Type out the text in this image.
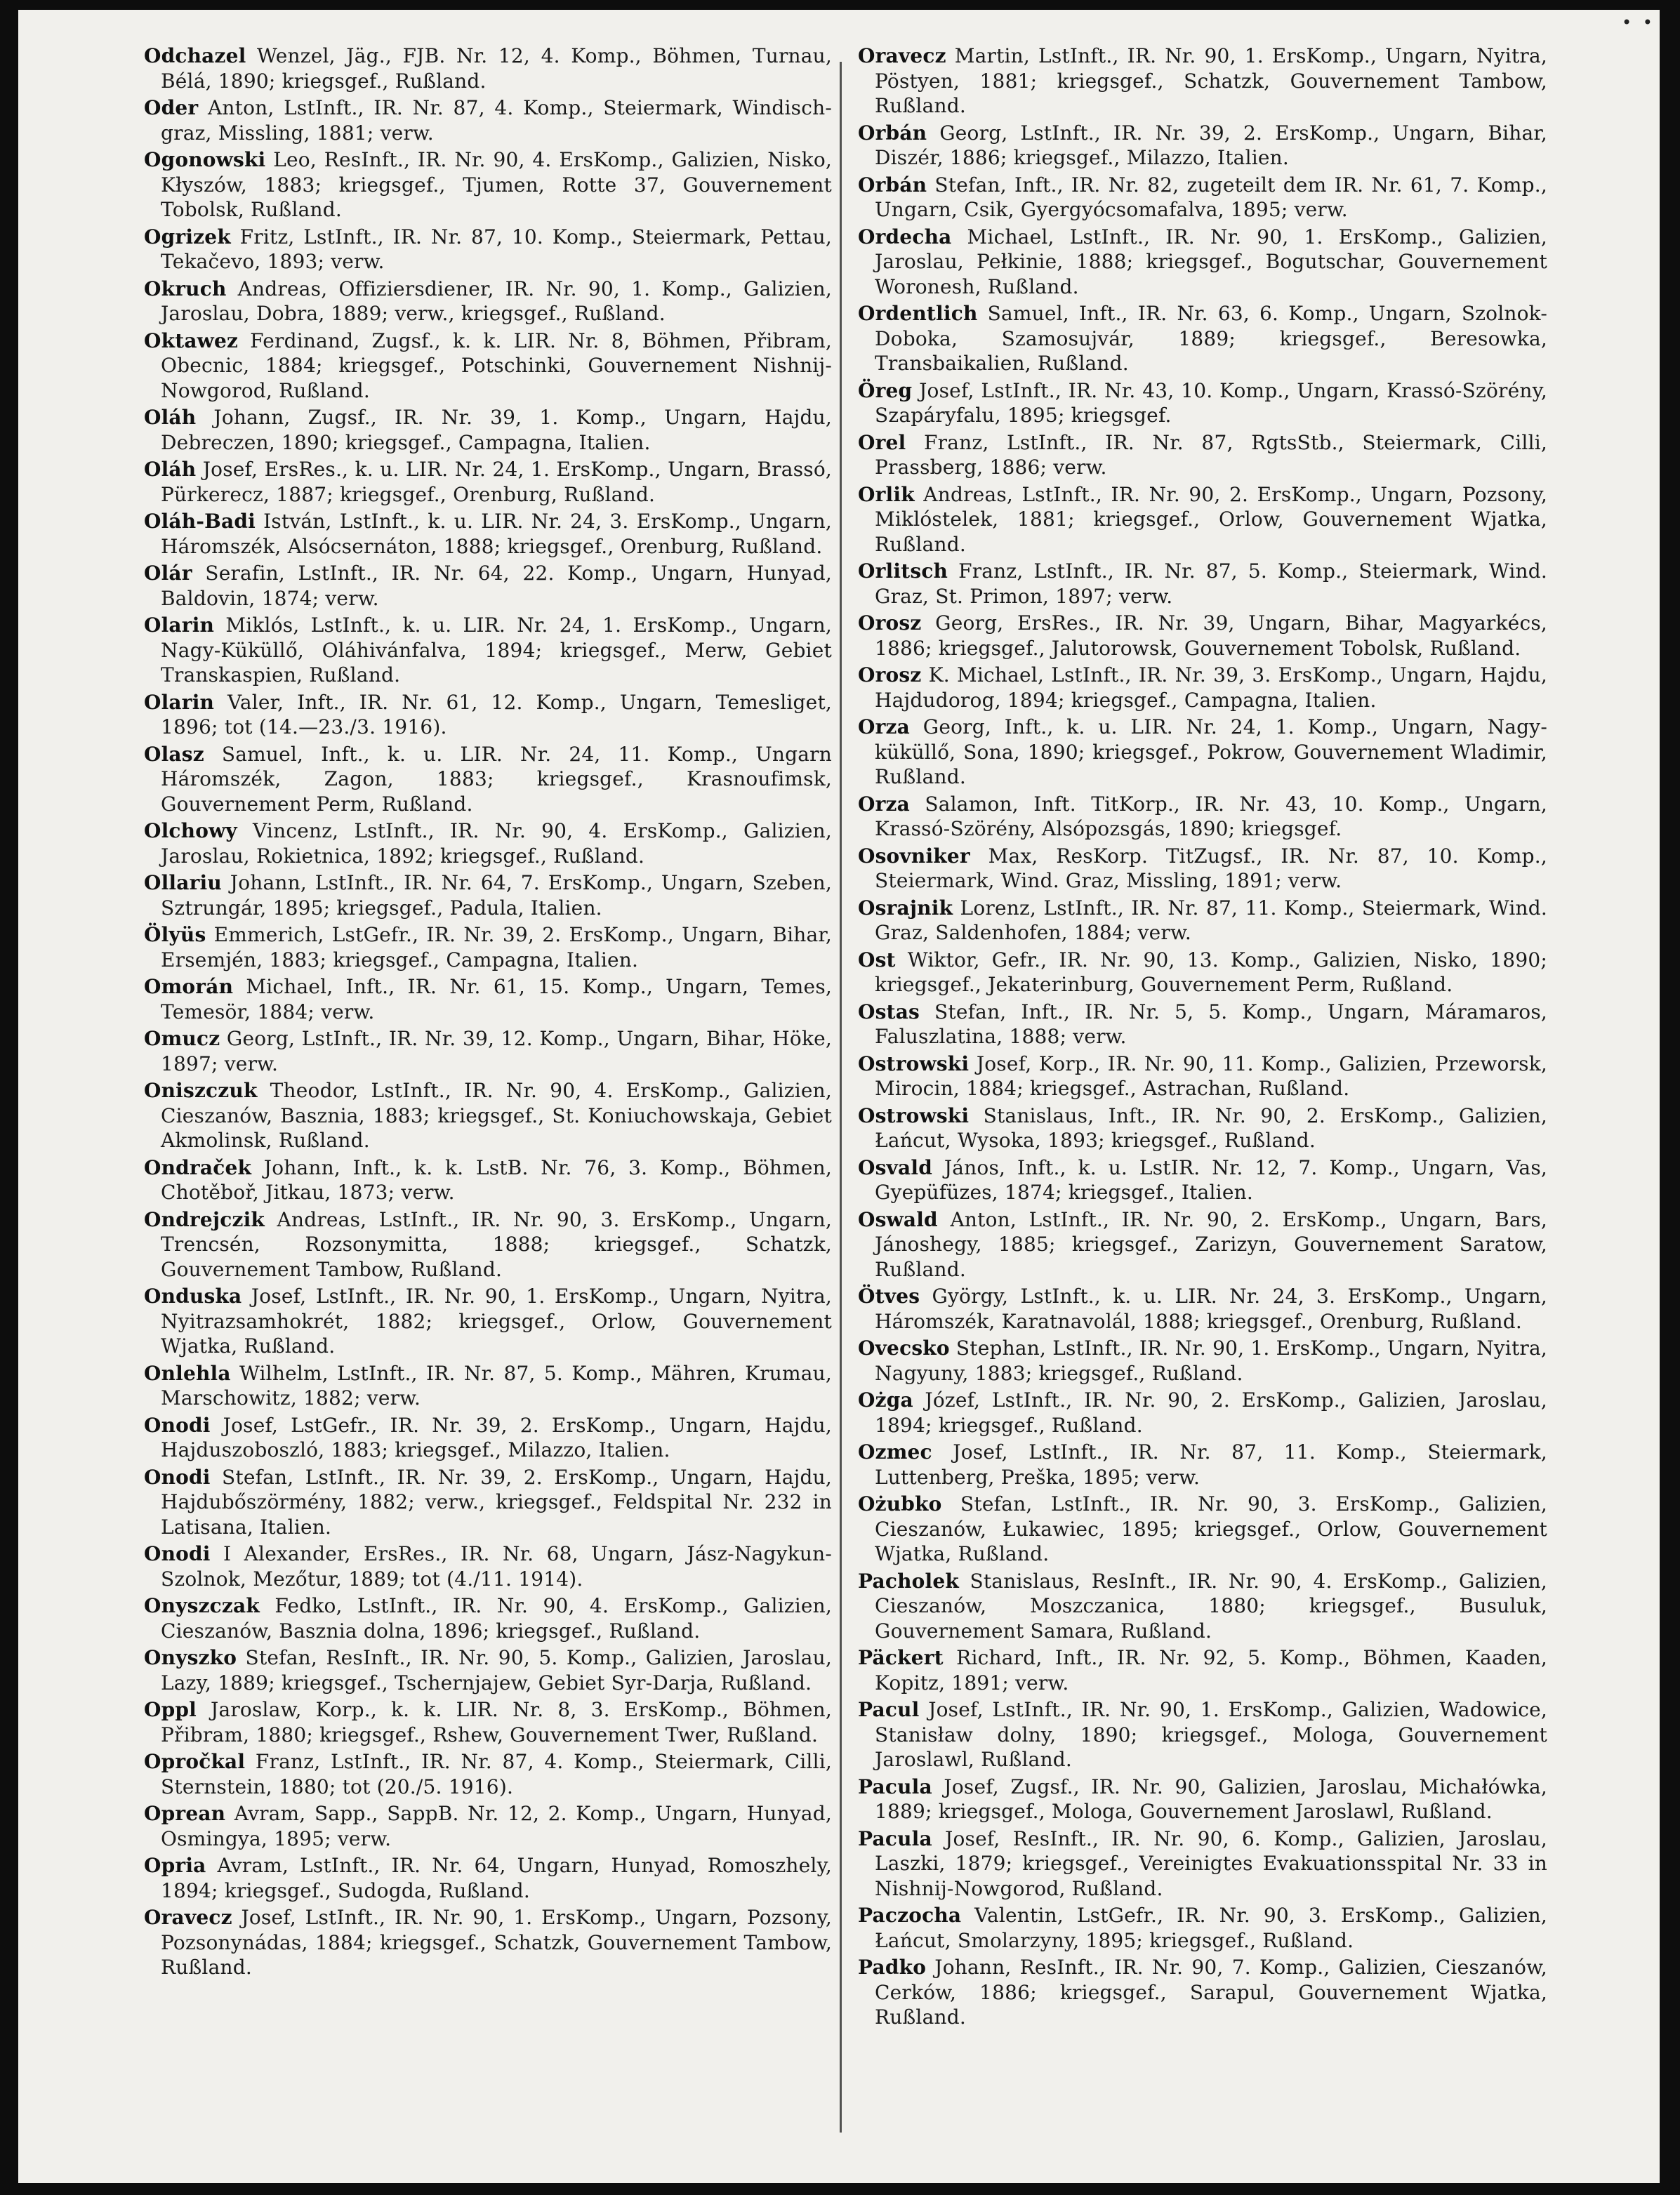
• •

Odchazel Wenzel, Jäg., FJB. Nr. 12, 4. Komp., Böhmen, Turnau, Bélá, 1890; kriegsgef., Rußland.

Oder Anton, LstInft., IR. Nr. 87, 4. Komp., Steiermark, Windisch-graz, Missling, 1881; verw.

Ogonowski Leo, ResInft., IR. Nr. 90, 4. ErsKomp., Galizien, Nisko, Kłyszów, 1883; kriegsgef., Tjumen, Rotte 37, Gouvernement Tobolsk, Rußland.

Ogrizek Fritz, LstInft., IR. Nr. 87, 10. Komp., Steiermark, Pettau, Tekačevo, 1893; verw.

Okruch Andreas, Offiziersdiener, IR. Nr. 90, 1. Komp., Galizien, Jaroslau, Dobra, 1889; verw., kriegsgef., Rußland.

Oktawez Ferdinand, Zugsf., k. k. LIR. Nr. 8, Böhmen, Přibram, Obecnic, 1884; kriegsgef., Potschinki, Gouvernement Nishnij-Nowgorod, Rußland.

Oláh Johann, Zugsf., IR. Nr. 39, 1. Komp., Ungarn, Hajdu, Debreczen, 1890; kriegsgef., Campagna, Italien.

Oláh Josef, ErsRes., k. u. LIR. Nr. 24, 1. ErsKomp., Ungarn, Brassó, Pürkerecz, 1887; kriegsgef., Orenburg, Rußland.

Oláh-Badi István, LstInft., k. u. LIR. Nr. 24, 3. ErsKomp., Ungarn, Háromszék, Alsócsernáton, 1888; kriegsgef., Orenburg, Rußland.

Olár Serafin, LstInft., IR. Nr. 64, 22. Komp., Ungarn, Hunyad, Baldovin, 1874; verw.

Olarin Miklós, LstInft., k. u. LIR. Nr. 24, 1. ErsKomp., Ungarn, Nagy-Küküllő, Oláhivánfalva, 1894; kriegsgef., Merw, Gebiet Transkaspien, Rußland.

Olarin Valer, Inft., IR. Nr. 61, 12. Komp., Ungarn, Temesliget, 1896; tot (14.—23./3. 1916).

Olasz Samuel, Inft., k. u. LIR. Nr. 24, 11. Komp., Ungarn Háromszék, Zagon, 1883; kriegsgef., Krasnoufimsk, Gouvernement Perm, Rußland.

Olchowy Vincenz, LstInft., IR. Nr. 90, 4. ErsKomp., Galizien, Jaroslau, Rokietnica, 1892; kriegsgef., Rußland.

Ollariu Johann, LstInft., IR. Nr. 64, 7. ErsKomp., Ungarn, Szeben, Sztrungár, 1895; kriegsgef., Padula, Italien.

Ölyüs Emmerich, LstGefr., IR. Nr. 39, 2. ErsKomp., Ungarn, Bihar, Ersemjén, 1883; kriegsgef., Campagna, Italien.

Omorán Michael, Inft., IR. Nr. 61, 15. Komp., Ungarn, Temes, Temesör, 1884; verw.

Omucz Georg, LstInft., IR. Nr. 39, 12. Komp., Ungarn, Bihar, Höke, 1897; verw.

Oniszczuk Theodor, LstInft., IR. Nr. 90, 4. ErsKomp., Galizien, Cieszanów, Basznia, 1883; kriegsgef., St. Koniuchowskaja, Gebiet Akmolinsk, Rußland.

Ondraček Johann, Inft., k. k. LstB. Nr. 76, 3. Komp., Böhmen, Chotěboř, Jitkau, 1873; verw.

Ondrejczik Andreas, LstInft., IR. Nr. 90, 3. ErsKomp., Ungarn, Trencsén, Rozsonymitta, 1888; kriegsgef., Schatzk, Gouvernement Tambow, Rußland.

Onduska Josef, LstInft., IR. Nr. 90, 1. ErsKomp., Ungarn, Nyitra, Nyitrazsamhokrét, 1882; kriegsgef., Orlow, Gouvernement Wjatka, Rußland.

Onlehla Wilhelm, LstInft., IR. Nr. 87, 5. Komp., Mähren, Krumau, Marschowitz, 1882; verw.

Onodi Josef, LstGefr., IR. Nr. 39, 2. ErsKomp., Ungarn, Hajdu, Hajduszoboszló, 1883; kriegsgef., Milazzo, Italien.

Onodi Stefan, LstInft., IR. Nr. 39, 2. ErsKomp., Ungarn, Hajdu, Hajdubőszörmény, 1882; verw., kriegsgef., Feldspital Nr. 232 in Latisana, Italien.

Onodi I Alexander, ErsRes., IR. Nr. 68, Ungarn, Jász-Nagykun-Szolnok, Mezőtur, 1889; tot (4./11. 1914).

Onyszczak Fedko, LstInft., IR. Nr. 90, 4. ErsKomp., Galizien, Cieszanów, Basznia dolna, 1896; kriegsgef., Rußland.

Onyszko Stefan, ResInft., IR. Nr. 90, 5. Komp., Galizien, Jaroslau, Lazy, 1889; kriegsgef., Tschernjajew, Gebiet Syr-Darja, Rußland.

Oppl Jaroslaw, Korp., k. k. LIR. Nr. 8, 3. ErsKomp., Böhmen, Přibram, 1880; kriegsgef., Rshew, Gouvernement Twer, Rußland.

Opročkal Franz, LstInft., IR. Nr. 87, 4. Komp., Steiermark, Cilli, Sternstein, 1880; tot (20./5. 1916).

Oprean Avram, Sapp., SappB. Nr. 12, 2. Komp., Ungarn, Hunyad, Osmingya, 1895; verw.

Opria Avram, LstInft., IR. Nr. 64, Ungarn, Hunyad, Romoszhely, 1894; kriegsgef., Sudogda, Rußland.

Oravecz Josef, LstInft., IR. Nr. 90, 1. ErsKomp., Ungarn, Pozsony, Pozsonynádas, 1884; kriegsgef., Schatzk, Gouvernement Tambow, Rußland.

Oravecz Martin, LstInft., IR. Nr. 90, 1. ErsKomp., Ungarn, Nyitra, Pöstyen, 1881; kriegsgef., Schatzk, Gouvernement Tambow, Rußland.

Orbán Georg, LstInft., IR. Nr. 39, 2. ErsKomp., Ungarn, Bihar, Diszér, 1886; kriegsgef., Milazzo, Italien.

Orbán Stefan, Inft., IR. Nr. 82, zugeteilt dem IR. Nr. 61, 7. Komp., Ungarn, Csik, Gyergyócsomafalva, 1895; verw.

Ordecha Michael, LstInft., IR. Nr. 90, 1. ErsKomp., Galizien, Jaroslau, Pełkinie, 1888; kriegsgef., Bogutschar, Gouvernement Woronesh, Rußland.

Ordentlich Samuel, Inft., IR. Nr. 63, 6. Komp., Ungarn, Szolnok-Doboka, Szamosujvár, 1889; kriegsgef., Beresowka, Transbaikalien, Rußland.

Öreg Josef, LstInft., IR. Nr. 43, 10. Komp., Ungarn, Krassó-Szörény, Szapáryfalu, 1895; kriegsgef.

Orel Franz, LstInft., IR. Nr. 87, RgtsStb., Steiermark, Cilli, Prassberg, 1886; verw.

Orlik Andreas, LstInft., IR. Nr. 90, 2. ErsKomp., Ungarn, Pozsony, Miklóstelek, 1881; kriegsgef., Orlow, Gouvernement Wjatka, Rußland.

Orlitsch Franz, LstInft., IR. Nr. 87, 5. Komp., Steiermark, Wind. Graz, St. Primon, 1897; verw.

Orosz Georg, ErsRes., IR. Nr. 39, Ungarn, Bihar, Magyarkécs, 1886; kriegsgef., Jalutorowsk, Gouvernement Tobolsk, Rußland.

Orosz K. Michael, LstInft., IR. Nr. 39, 3. ErsKomp., Ungarn, Hajdu, Hajdudorog, 1894; kriegsgef., Campagna, Italien.

Orza Georg, Inft., k. u. LIR. Nr. 24, 1. Komp., Ungarn, Nagy-küküllő, Sona, 1890; kriegsgef., Pokrow, Gouvernement Wladimir, Rußland.

Orza Salamon, Inft. TitKorp., IR. Nr. 43, 10. Komp., Ungarn, Krassó-Szörény, Alsópozsgás, 1890; kriegsgef.

Osovniker Max, ResKorp. TitZugsf., IR. Nr. 87, 10. Komp., Steiermark, Wind. Graz, Missling, 1891; verw.

Osrajnik Lorenz, LstInft., IR. Nr. 87, 11. Komp., Steiermark, Wind. Graz, Saldenhofen, 1884; verw.

Ost Wiktor, Gefr., IR. Nr. 90, 13. Komp., Galizien, Nisko, 1890; kriegsgef., Jekaterinburg, Gouvernement Perm, Rußland.

Ostas Stefan, Inft., IR. Nr. 5, 5. Komp., Ungarn, Máramaros, Faluszlatina, 1888; verw.

Ostrowski Josef, Korp., IR. Nr. 90, 11. Komp., Galizien, Przeworsk, Mirocin, 1884; kriegsgef., Astrachan, Rußland.

Ostrowski Stanislaus, Inft., IR. Nr. 90, 2. ErsKomp., Galizien, Łańcut, Wysoka, 1893; kriegsgef., Rußland.

Osvald János, Inft., k. u. LstIR. Nr. 12, 7. Komp., Ungarn, Vas, Gyepüfüzes, 1874; kriegsgef., Italien.

Oswald Anton, LstInft., IR. Nr. 90, 2. ErsKomp., Ungarn, Bars, Jánoshegy, 1885; kriegsgef., Zarizyn, Gouvernement Saratow, Rußland.

Ötves György, LstInft., k. u. LIR. Nr. 24, 3. ErsKomp., Ungarn, Háromszék, Karatnavolál, 1888; kriegsgef., Orenburg, Rußland.

Ovecsko Stephan, LstInft., IR. Nr. 90, 1. ErsKomp., Ungarn, Nyitra, Nagyuny, 1883; kriegsgef., Rußland.

Ożga Józef, LstInft., IR. Nr. 90, 2. ErsKomp., Galizien, Jaroslau, 1894; kriegsgef., Rußland.

Ozmec Josef, LstInft., IR. Nr. 87, 11. Komp., Steiermark, Luttenberg, Preška, 1895; verw.

Ożubko Stefan, LstInft., IR. Nr. 90, 3. ErsKomp., Galizien, Cieszanów, Łukawiec, 1895; kriegsgef., Orlow, Gouvernement Wjatka, Rußland.

Pacholek Stanislaus, ResInft., IR. Nr. 90, 4. ErsKomp., Galizien, Cieszanów, Moszczanica, 1880; kriegsgef., Busuluk, Gouvernement Samara, Rußland.

Päckert Richard, Inft., IR. Nr. 92, 5. Komp., Böhmen, Kaaden, Kopitz, 1891; verw.

Pacul Josef, LstInft., IR. Nr. 90, 1. ErsKomp., Galizien, Wadowice, Stanisław dolny, 1890; kriegsgef., Mologa, Gouvernement Jaroslawl, Rußland.

Pacula Josef, Zugsf., IR. Nr. 90, Galizien, Jaroslau, Michałówka, 1889; kriegsgef., Mologa, Gouvernement Jaroslawl, Rußland.

Pacula Josef, ResInft., IR. Nr. 90, 6. Komp., Galizien, Jaroslau, Laszki, 1879; kriegsgef., Vereinigtes Evakuationsspital Nr. 33 in Nishnij-Nowgorod, Rußland.

Paczocha Valentin, LstGefr., IR. Nr. 90, 3. ErsKomp., Galizien, Łańcut, Smolarzyny, 1895; kriegsgef., Rußland.

Padko Johann, ResInft., IR. Nr. 90, 7. Komp., Galizien, Cieszanów, Cerków, 1886; kriegsgef., Sarapul, Gouvernement Wjatka, Rußland.
